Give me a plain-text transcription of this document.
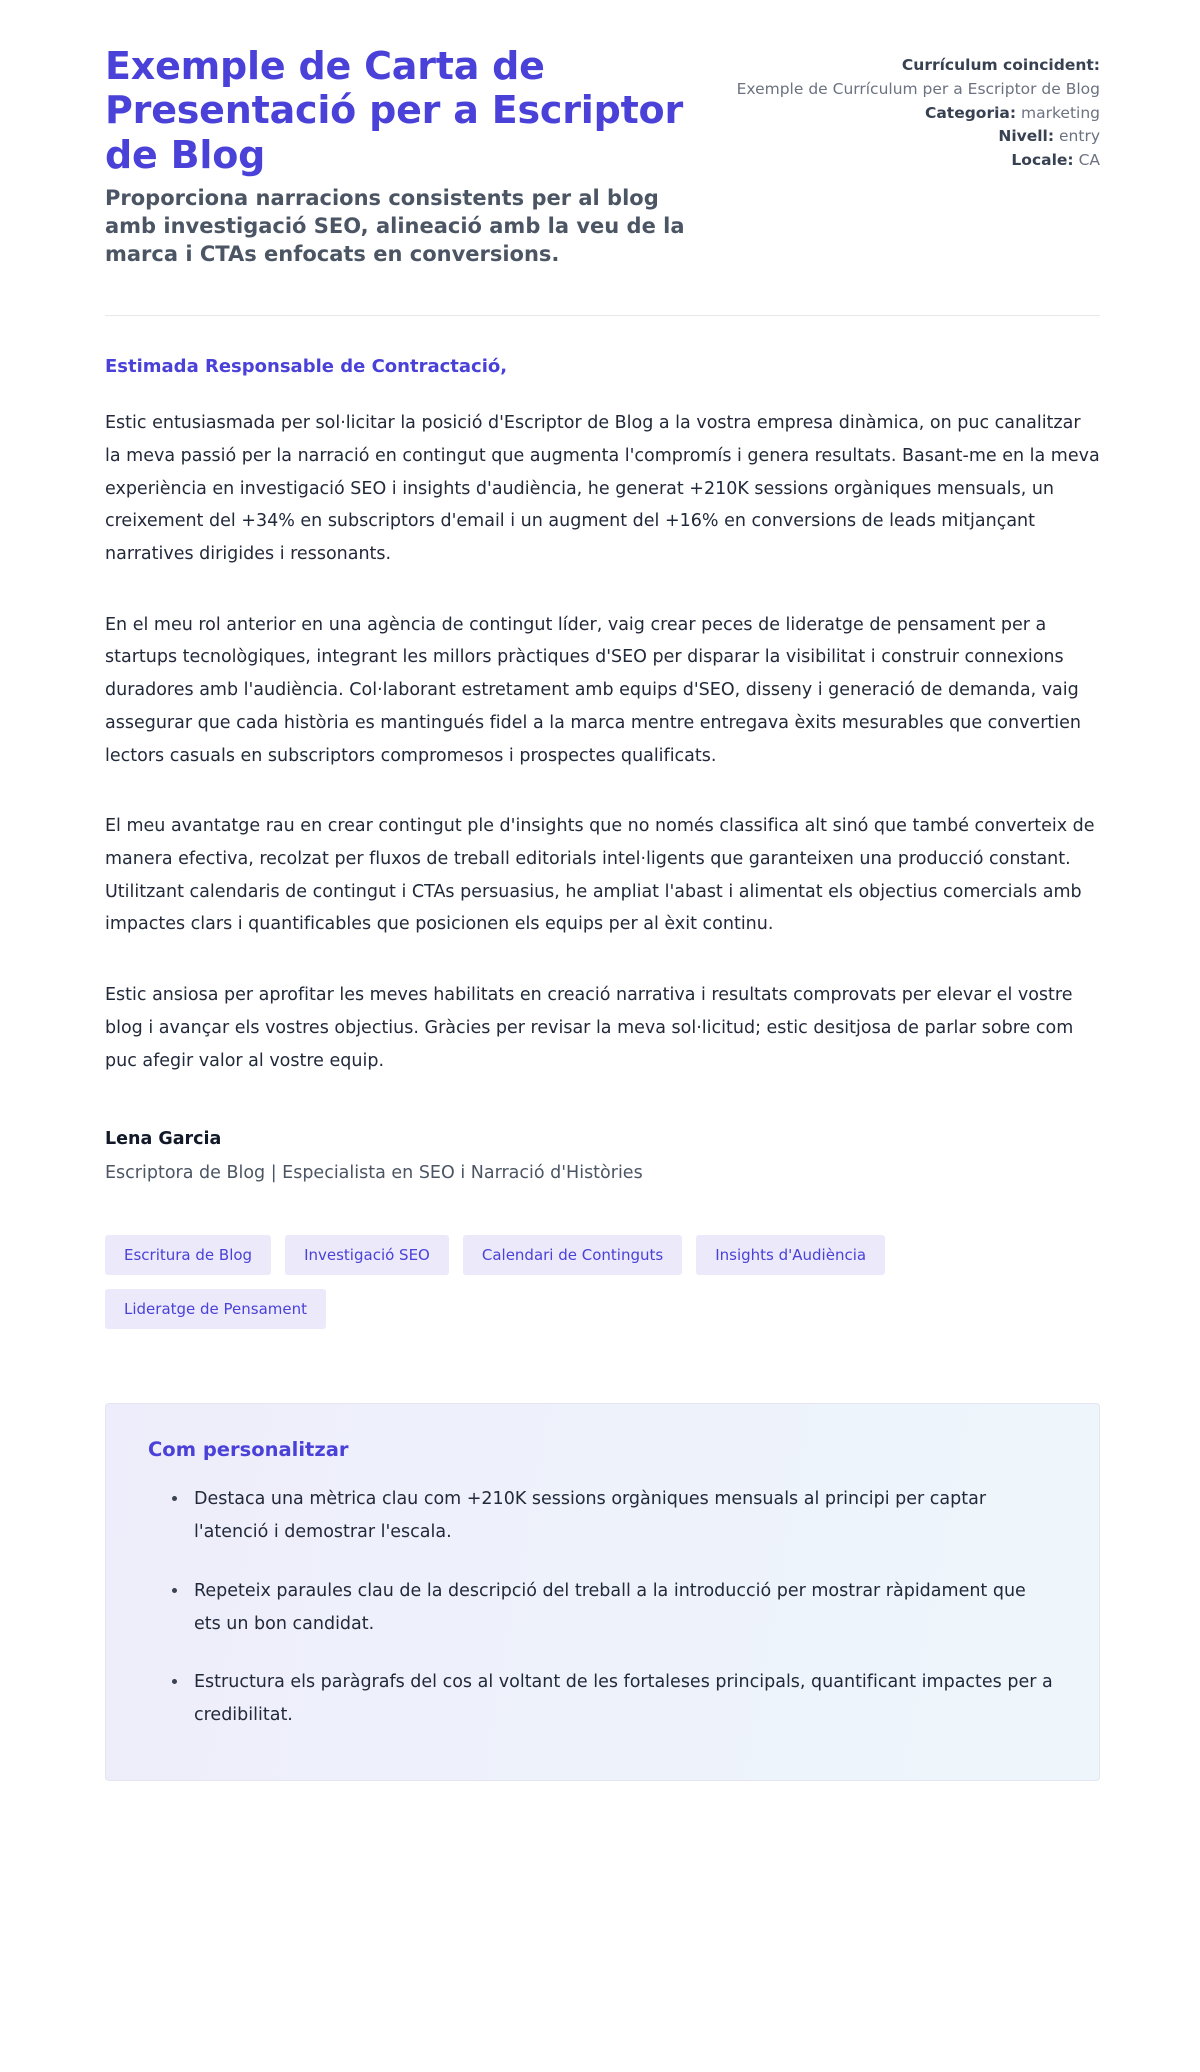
Exemple de Carta de Presentació per a Escriptor de Blog

Proporciona narracions consistents per al blog amb investigació SEO, alineació amb la veu de la marca i CTAs enfocats en conversions.

Currículum coincident:
Exemple de Currículum per a Escriptor de Blog

Categoria: marketing

Nivell: entry

Locale: CA

Estimada Responsable de Contractació,

Estic entusiasmada per sol·licitar la posició d'Escriptor de Blog a la vostra empresa dinàmica, on puc canalitzar la meva passió per la narració en contingut que augmenta l'compromís i genera resultats. Basant-me en la meva experiència en investigació SEO i insights d'audiència, he generat +210K sessions orgàniques mensuals, un creixement del +34% en subscriptors d'email i un augment del +16% en conversions de leads mitjançant narratives dirigides i ressonants.

En el meu rol anterior en una agència de contingut líder, vaig crear peces de lideratge de pensament per a startups tecnològiques, integrant les millors pràctiques d'SEO per disparar la visibilitat i construir connexions duradores amb l'audiència. Col·laborant estretament amb equips d'SEO, disseny i generació de demanda, vaig assegurar que cada història es mantingués fidel a la marca mentre entregava èxits mesurables que convertien lectors casuals en subscriptors compromesos i prospectes qualificats.

El meu avantatge rau en crear contingut ple d'insights que no només classifica alt sinó que també converteix de manera efectiva, recolzat per fluxos de treball editorials intel·ligents que garanteixen una producció constant. Utilitzant calendaris de contingut i CTAs persuasius, he ampliat l'abast i alimentat els objectius comercials amb impactes clars i quantificables que posicionen els equips per al èxit continu.

Estic ansiosa per aprofitar les meves habilitats en creació narrativa i resultats comprovats per elevar el vostre blog i avançar els vostres objectius. Gràcies per revisar la meva sol·licitud; estic desitjosa de parlar sobre com puc afegir valor al vostre equip.

Lena Garcia

Escriptora de Blog | Especialista en SEO i Narració d'Històries

Escritura de Blog	Investigació SEO	Calendari de Continguts	Insights d'Audiència
Lideratge de Pensament
Com personalitzar
Destaca una mètrica clau com +210K sessions orgàniques mensuals al principi per captar l'atenció i demostrar l'escala.
Repeteix paraules clau de la descripció del treball a la introducció per mostrar ràpidament que ets un bon candidat.
Estructura els paràgrafs del cos al voltant de les fortaleses principals, quantificant impactes per a credibilitat.
